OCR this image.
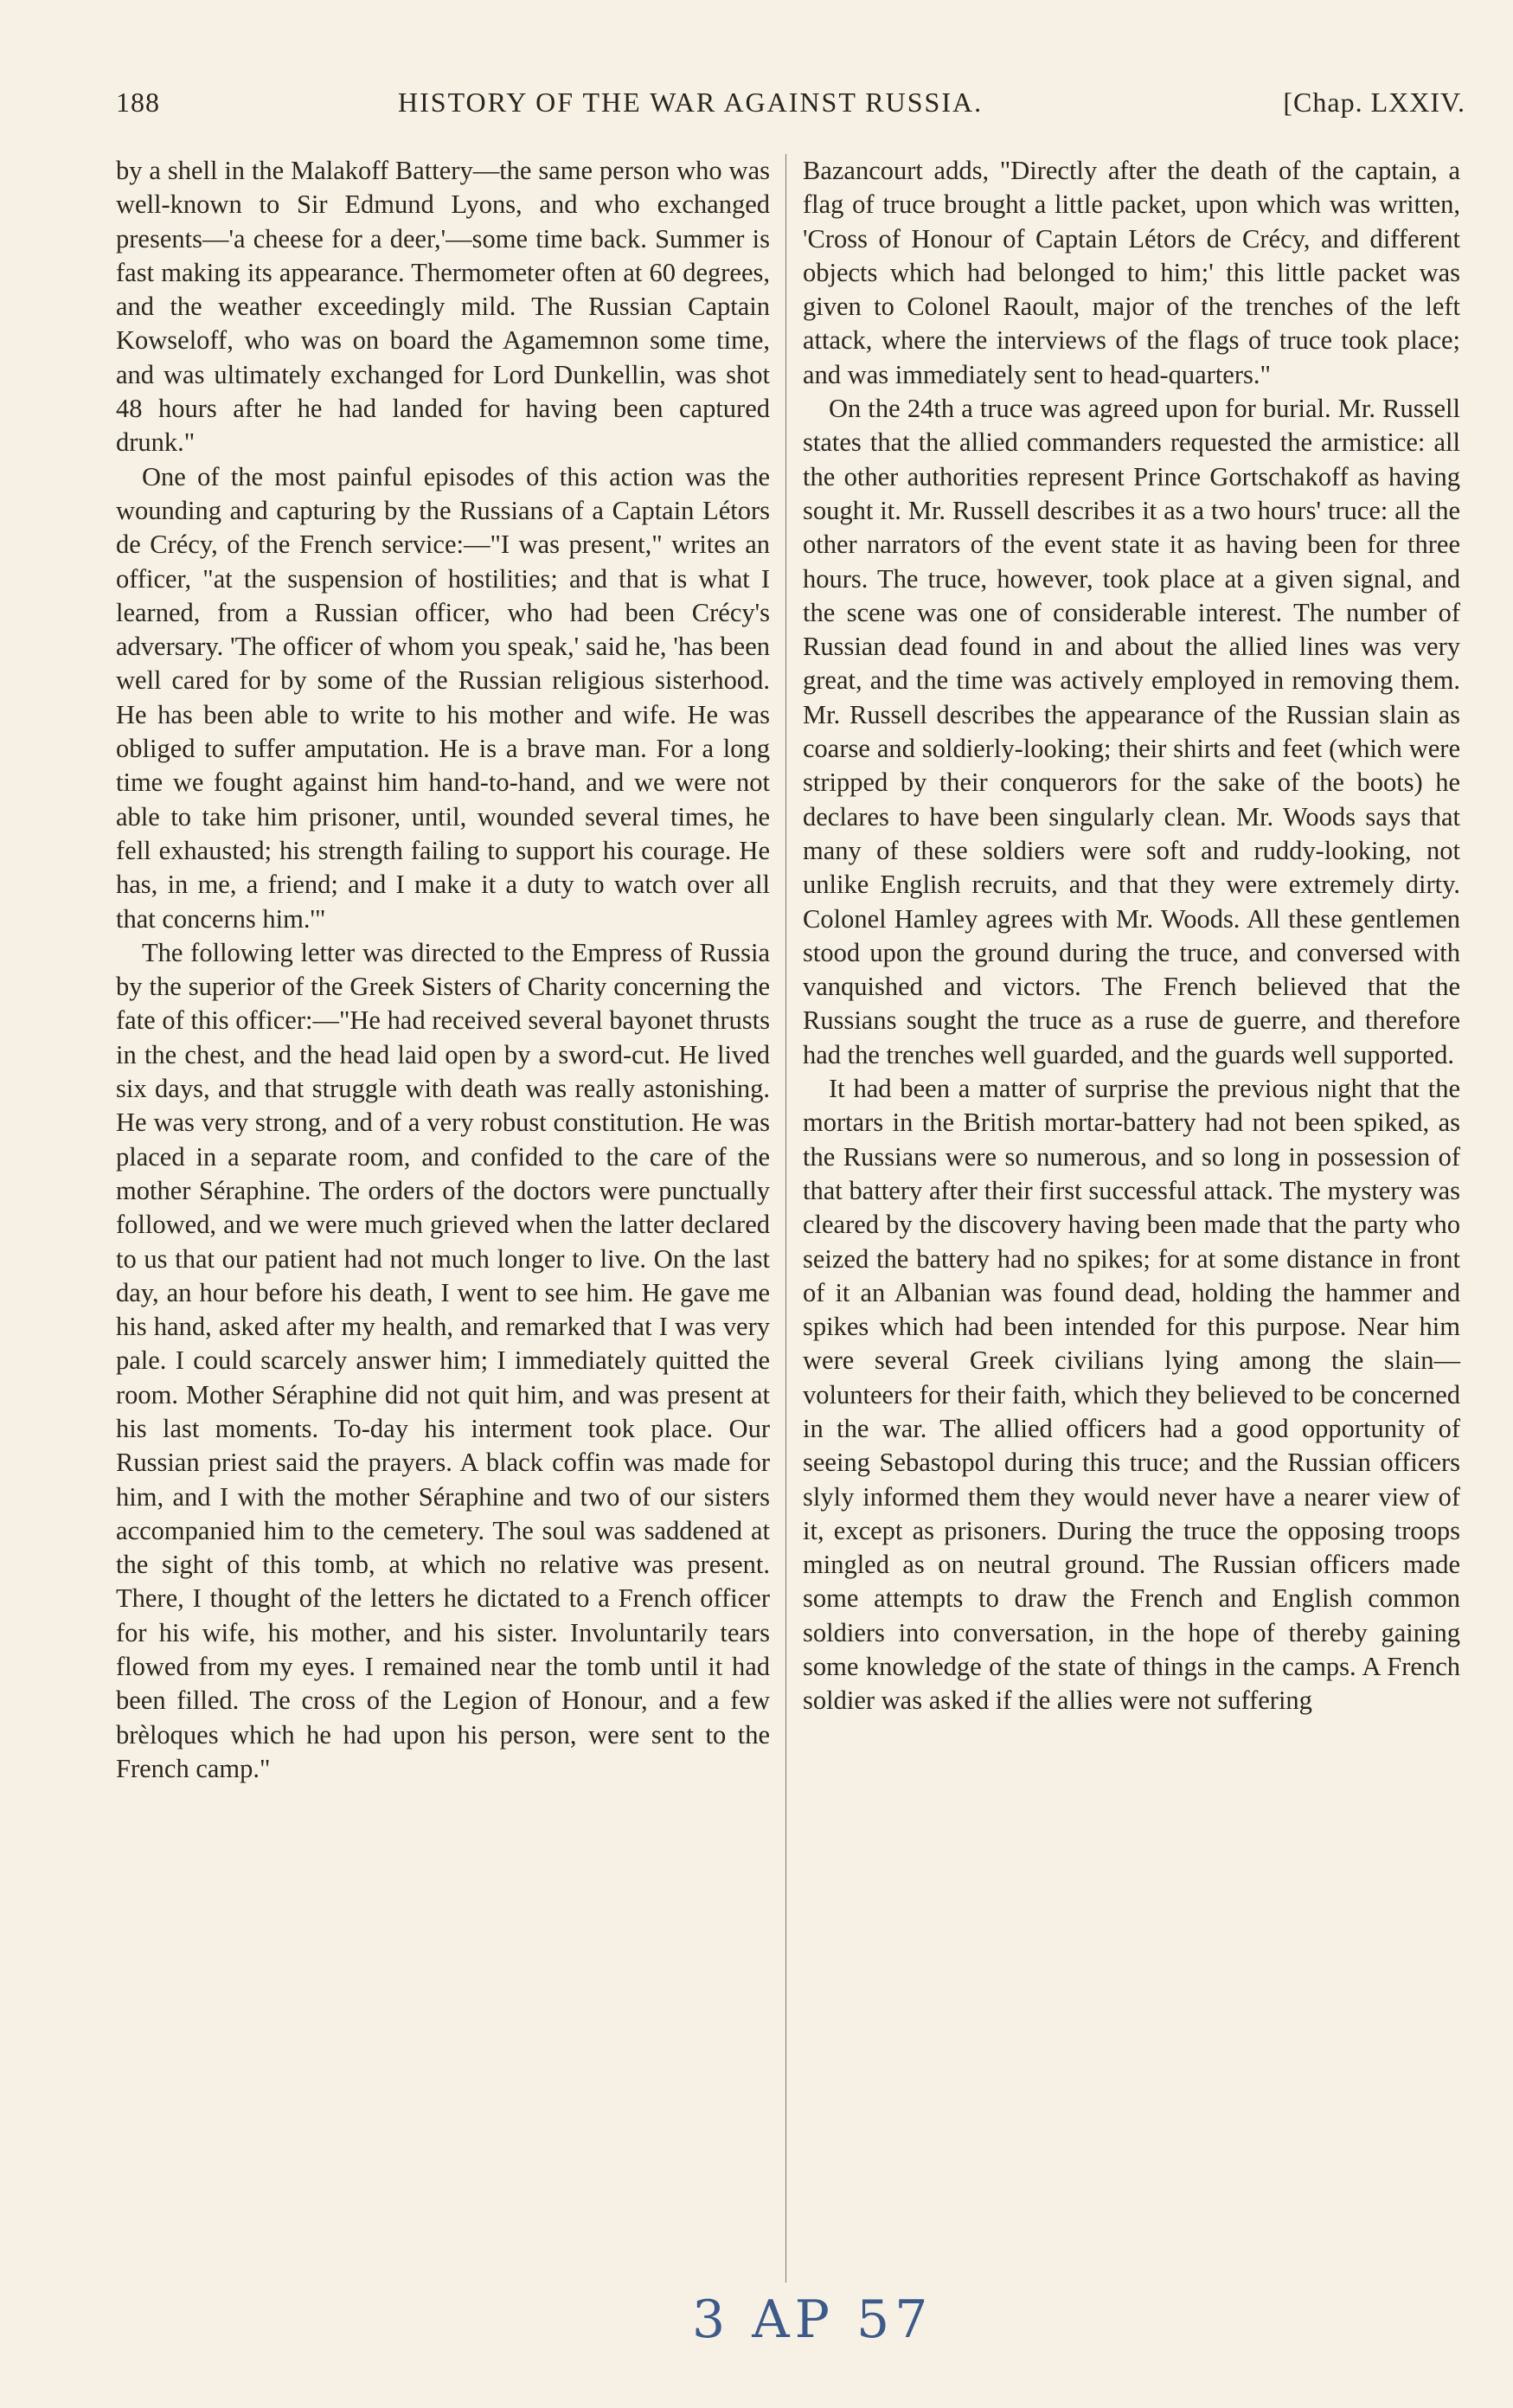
188	HISTORY OF THE WAR AGAINST RUSSIA.	[Chap. LXXIV.

by a shell in the Malakoff Battery—the same person who was well-known to Sir Edmund Lyons, and who exchanged presents—'a cheese for a deer,'—some time back. Summer is fast making its appearance. Thermometer often at 60 degrees, and the weather exceedingly mild. The Russian Captain Kowseloff, who was on board the Agamemnon some time, and was ultimately exchanged for Lord Dunkellin, was shot 48 hours after he had landed for having been captured drunk."

One of the most painful episodes of this action was the wounding and capturing by the Russians of a Captain Létors de Crécy, of the French service:—"I was present," writes an officer, "at the suspension of hostilities; and that is what I learned, from a Russian officer, who had been Crécy's adversary. 'The officer of whom you speak,' said he, 'has been well cared for by some of the Russian religious sisterhood. He has been able to write to his mother and wife. He was obliged to suffer amputation. He is a brave man. For a long time we fought against him hand-to-hand, and we were not able to take him prisoner, until, wounded several times, he fell exhausted; his strength failing to support his courage. He has, in me, a friend; and I make it a duty to watch over all that concerns him.'"

The following letter was directed to the Empress of Russia by the superior of the Greek Sisters of Charity concerning the fate of this officer:—"He had received several bayonet thrusts in the chest, and the head laid open by a sword-cut. He lived six days, and that struggle with death was really astonishing. He was very strong, and of a very robust constitution. He was placed in a separate room, and confided to the care of the mother Séraphine. The orders of the doctors were punctually followed, and we were much grieved when the latter declared to us that our patient had not much longer to live. On the last day, an hour before his death, I went to see him. He gave me his hand, asked after my health, and remarked that I was very pale. I could scarcely answer him; I immediately quitted the room. Mother Séraphine did not quit him, and was present at his last moments. To-day his interment took place. Our Russian priest said the prayers. A black coffin was made for him, and I with the mother Séraphine and two of our sisters accompanied him to the cemetery. The soul was saddened at the sight of this tomb, at which no relative was present. There, I thought of the letters he dictated to a French officer for his wife, his mother, and his sister. Involuntarily tears flowed from my eyes. I remained near the tomb until it had been filled. The cross of the Legion of Honour, and a few brèloques which he had upon his person, were sent to the French camp."

Bazancourt adds, "Directly after the death of the captain, a flag of truce brought a little packet, upon which was written, 'Cross of Honour of Captain Létors de Crécy, and different objects which had belonged to him;' this little packet was given to Colonel Raoult, major of the trenches of the left attack, where the interviews of the flags of truce took place; and was immediately sent to head-quarters."

On the 24th a truce was agreed upon for burial. Mr. Russell states that the allied commanders requested the armistice: all the other authorities represent Prince Gortschakoff as having sought it. Mr. Russell describes it as a two hours' truce: all the other narrators of the event state it as having been for three hours. The truce, however, took place at a given signal, and the scene was one of considerable interest. The number of Russian dead found in and about the allied lines was very great, and the time was actively employed in removing them. Mr. Russell describes the appearance of the Russian slain as coarse and soldierly-looking; their shirts and feet (which were stripped by their conquerors for the sake of the boots) he declares to have been singularly clean. Mr. Woods says that many of these soldiers were soft and ruddy-looking, not unlike English recruits, and that they were extremely dirty. Colonel Hamley agrees with Mr. Woods. All these gentlemen stood upon the ground during the truce, and conversed with vanquished and victors. The French believed that the Russians sought the truce as a ruse de guerre, and therefore had the trenches well guarded, and the guards well supported.

It had been a matter of surprise the previous night that the mortars in the British mortar-battery had not been spiked, as the Russians were so numerous, and so long in possession of that battery after their first successful attack. The mystery was cleared by the discovery having been made that the party who seized the battery had no spikes; for at some distance in front of it an Albanian was found dead, holding the hammer and spikes which had been intended for this purpose. Near him were several Greek civilians lying among the slain—volunteers for their faith, which they believed to be concerned in the war. The allied officers had a good opportunity of seeing Sebastopol during this truce; and the Russian officers slyly informed them they would never have a nearer view of it, except as prisoners. During the truce the opposing troops mingled as on neutral ground. The Russian officers made some attempts to draw the French and English common soldiers into conversation, in the hope of thereby gaining some knowledge of the state of things in the camps. A French soldier was asked if the allies were not suffering

3 AP 57
